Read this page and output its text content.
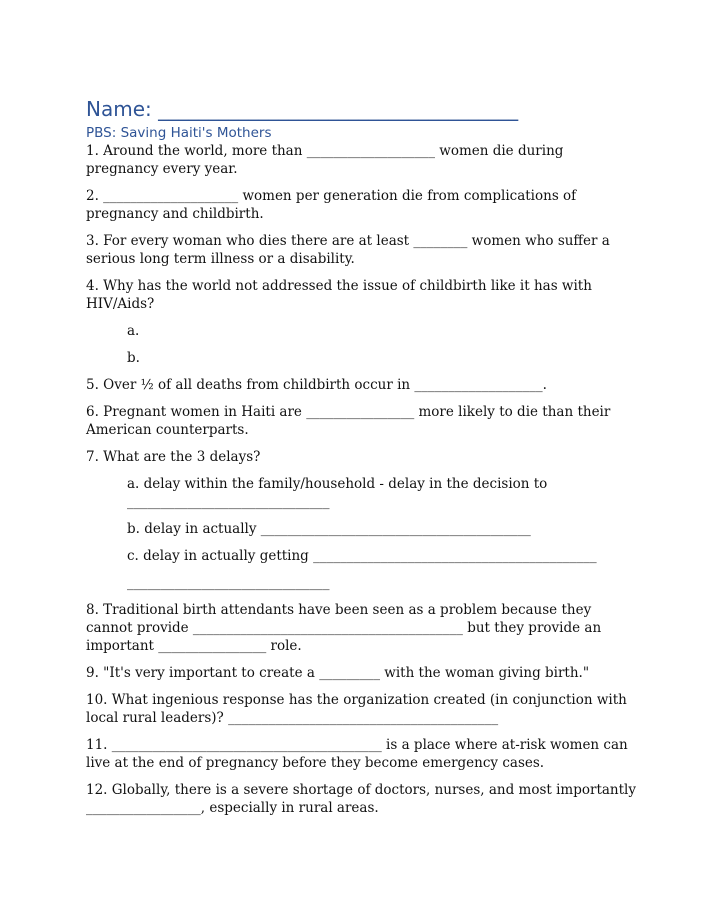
Name: ____________________________________
PBS: Saving Haiti's Mothers
1. Around the world, more than ___________________ women die during pregnancy every year.
2. ____________________ women per generation die from complications of pregnancy and childbirth.
3. For every woman who dies there are at least ________ women who suffer a serious long term illness or a disability.
4. Why has the world not addressed the issue of childbirth like it has with HIV/Aids?
a.
b.
5. Over ½ of all deaths from childbirth occur in ___________________.
6. Pregnant women in Haiti are ________________ more likely to die than their American counterparts.
7. What are the 3 delays?
a. delay within the family/household - delay in the decision to ______________________________
b. delay in actually ________________________________________
c. delay in actually getting __________________________________________
______________________________
8. Traditional birth attendants have been seen as a problem because they cannot provide ________________________________________ but they provide an important ________________ role.
9. "It's very important to create a _________ with the woman giving birth."
10. What ingenious response has the organization created (in conjunction with local rural leaders)? ________________________________________
11. ________________________________________ is a place where at-risk women can live at the end of pregnancy before they become emergency cases.
12. Globally, there is a severe shortage of doctors, nurses, and most importantly _________________, especially in rural areas.
